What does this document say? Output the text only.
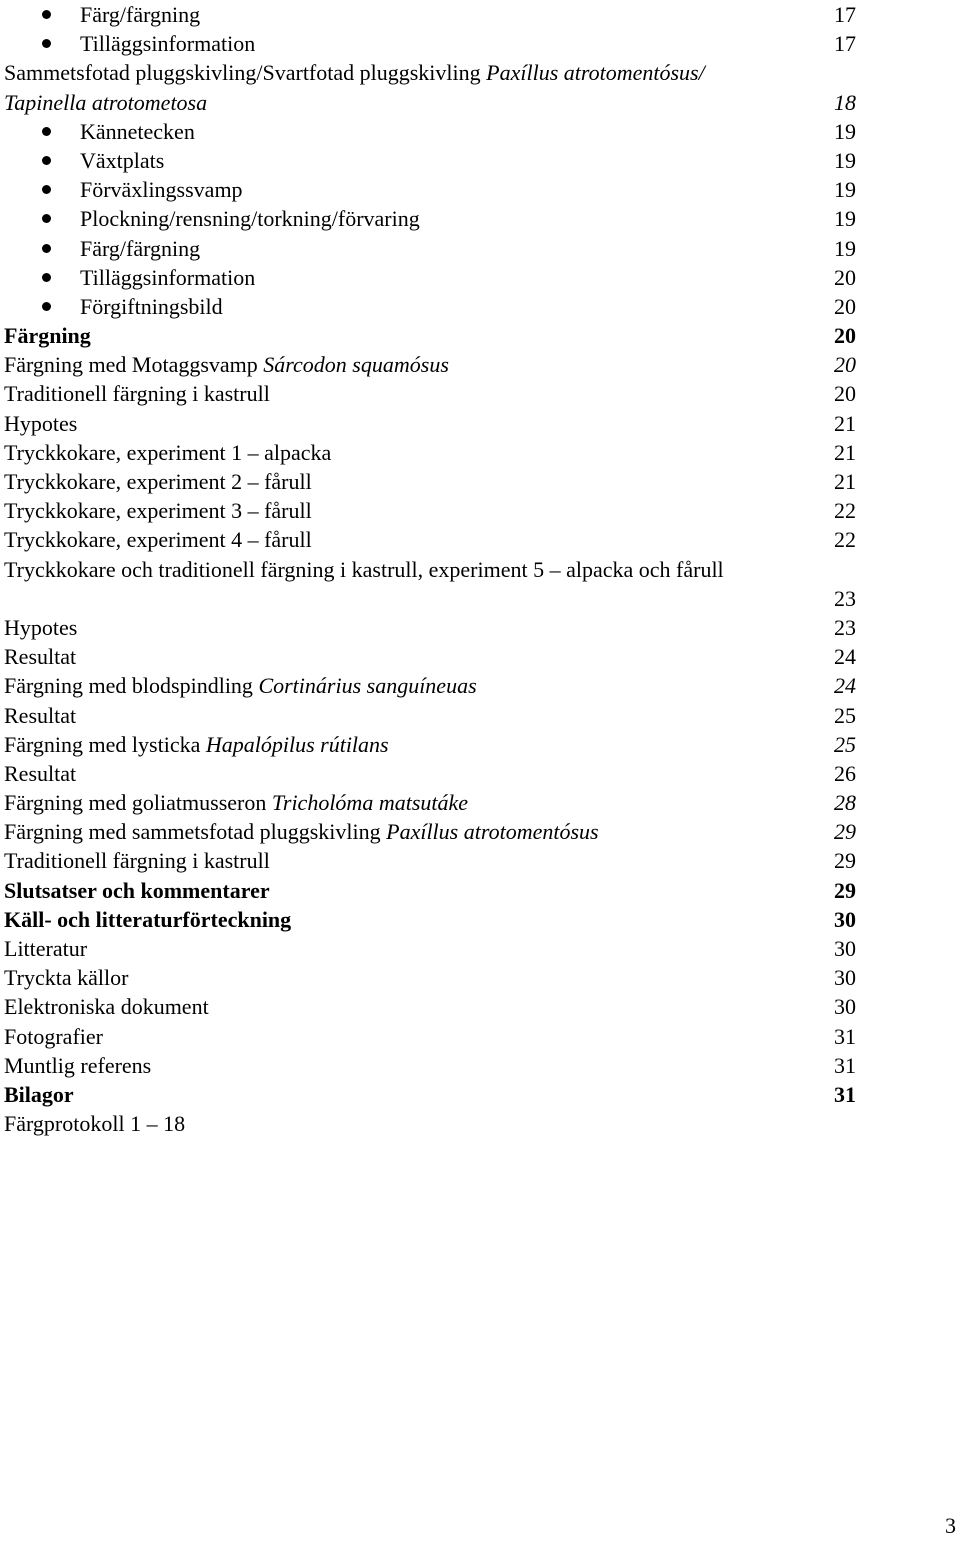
Färg/färgning	17
Tilläggsinformation	17
Sammetsfotad pluggskivling/Svartfotad pluggskivling Paxíllus atrotomentósus/
Tapinella atrotometosa	18
Kännetecken	19
Växtplats	19
Förväxlingssvamp	19
Plockning/rensning/torkning/förvaring	19
Färg/färgning	19
Tilläggsinformation	20
Förgiftningsbild	20
Färgning	20
Färgning med Motaggsvamp Sárcodon squamósus	20
Traditionell färgning i kastrull	20
Hypotes	21
Tryckkokare, experiment 1 – alpacka	21
Tryckkokare, experiment 2 – fårull	21
Tryckkokare, experiment 3 – fårull	22
Tryckkokare, experiment 4 – fårull	22
Tryckkokare och traditionell färgning i kastrull, experiment 5 – alpacka och fårull
23
Hypotes	23
Resultat	24
Färgning med blodspindling Cortinárius sanguíneuas	24
Resultat	25
Färgning med lysticka Hapalópilus rútilans	25
Resultat	26
Färgning med goliatmusseron Tricholóma matsutáke	28
Färgning med sammetsfotad pluggskivling Paxíllus atrotomentósus	29
Traditionell färgning i kastrull	29
Slutsatser och kommentarer	29
Käll- och litteraturförteckning	30
Litteratur	30
Tryckta källor	30
Elektroniska dokument	30
Fotografier	31
Muntlig referens	31
Bilagor	31
Färgprotokoll 1 – 18
3
